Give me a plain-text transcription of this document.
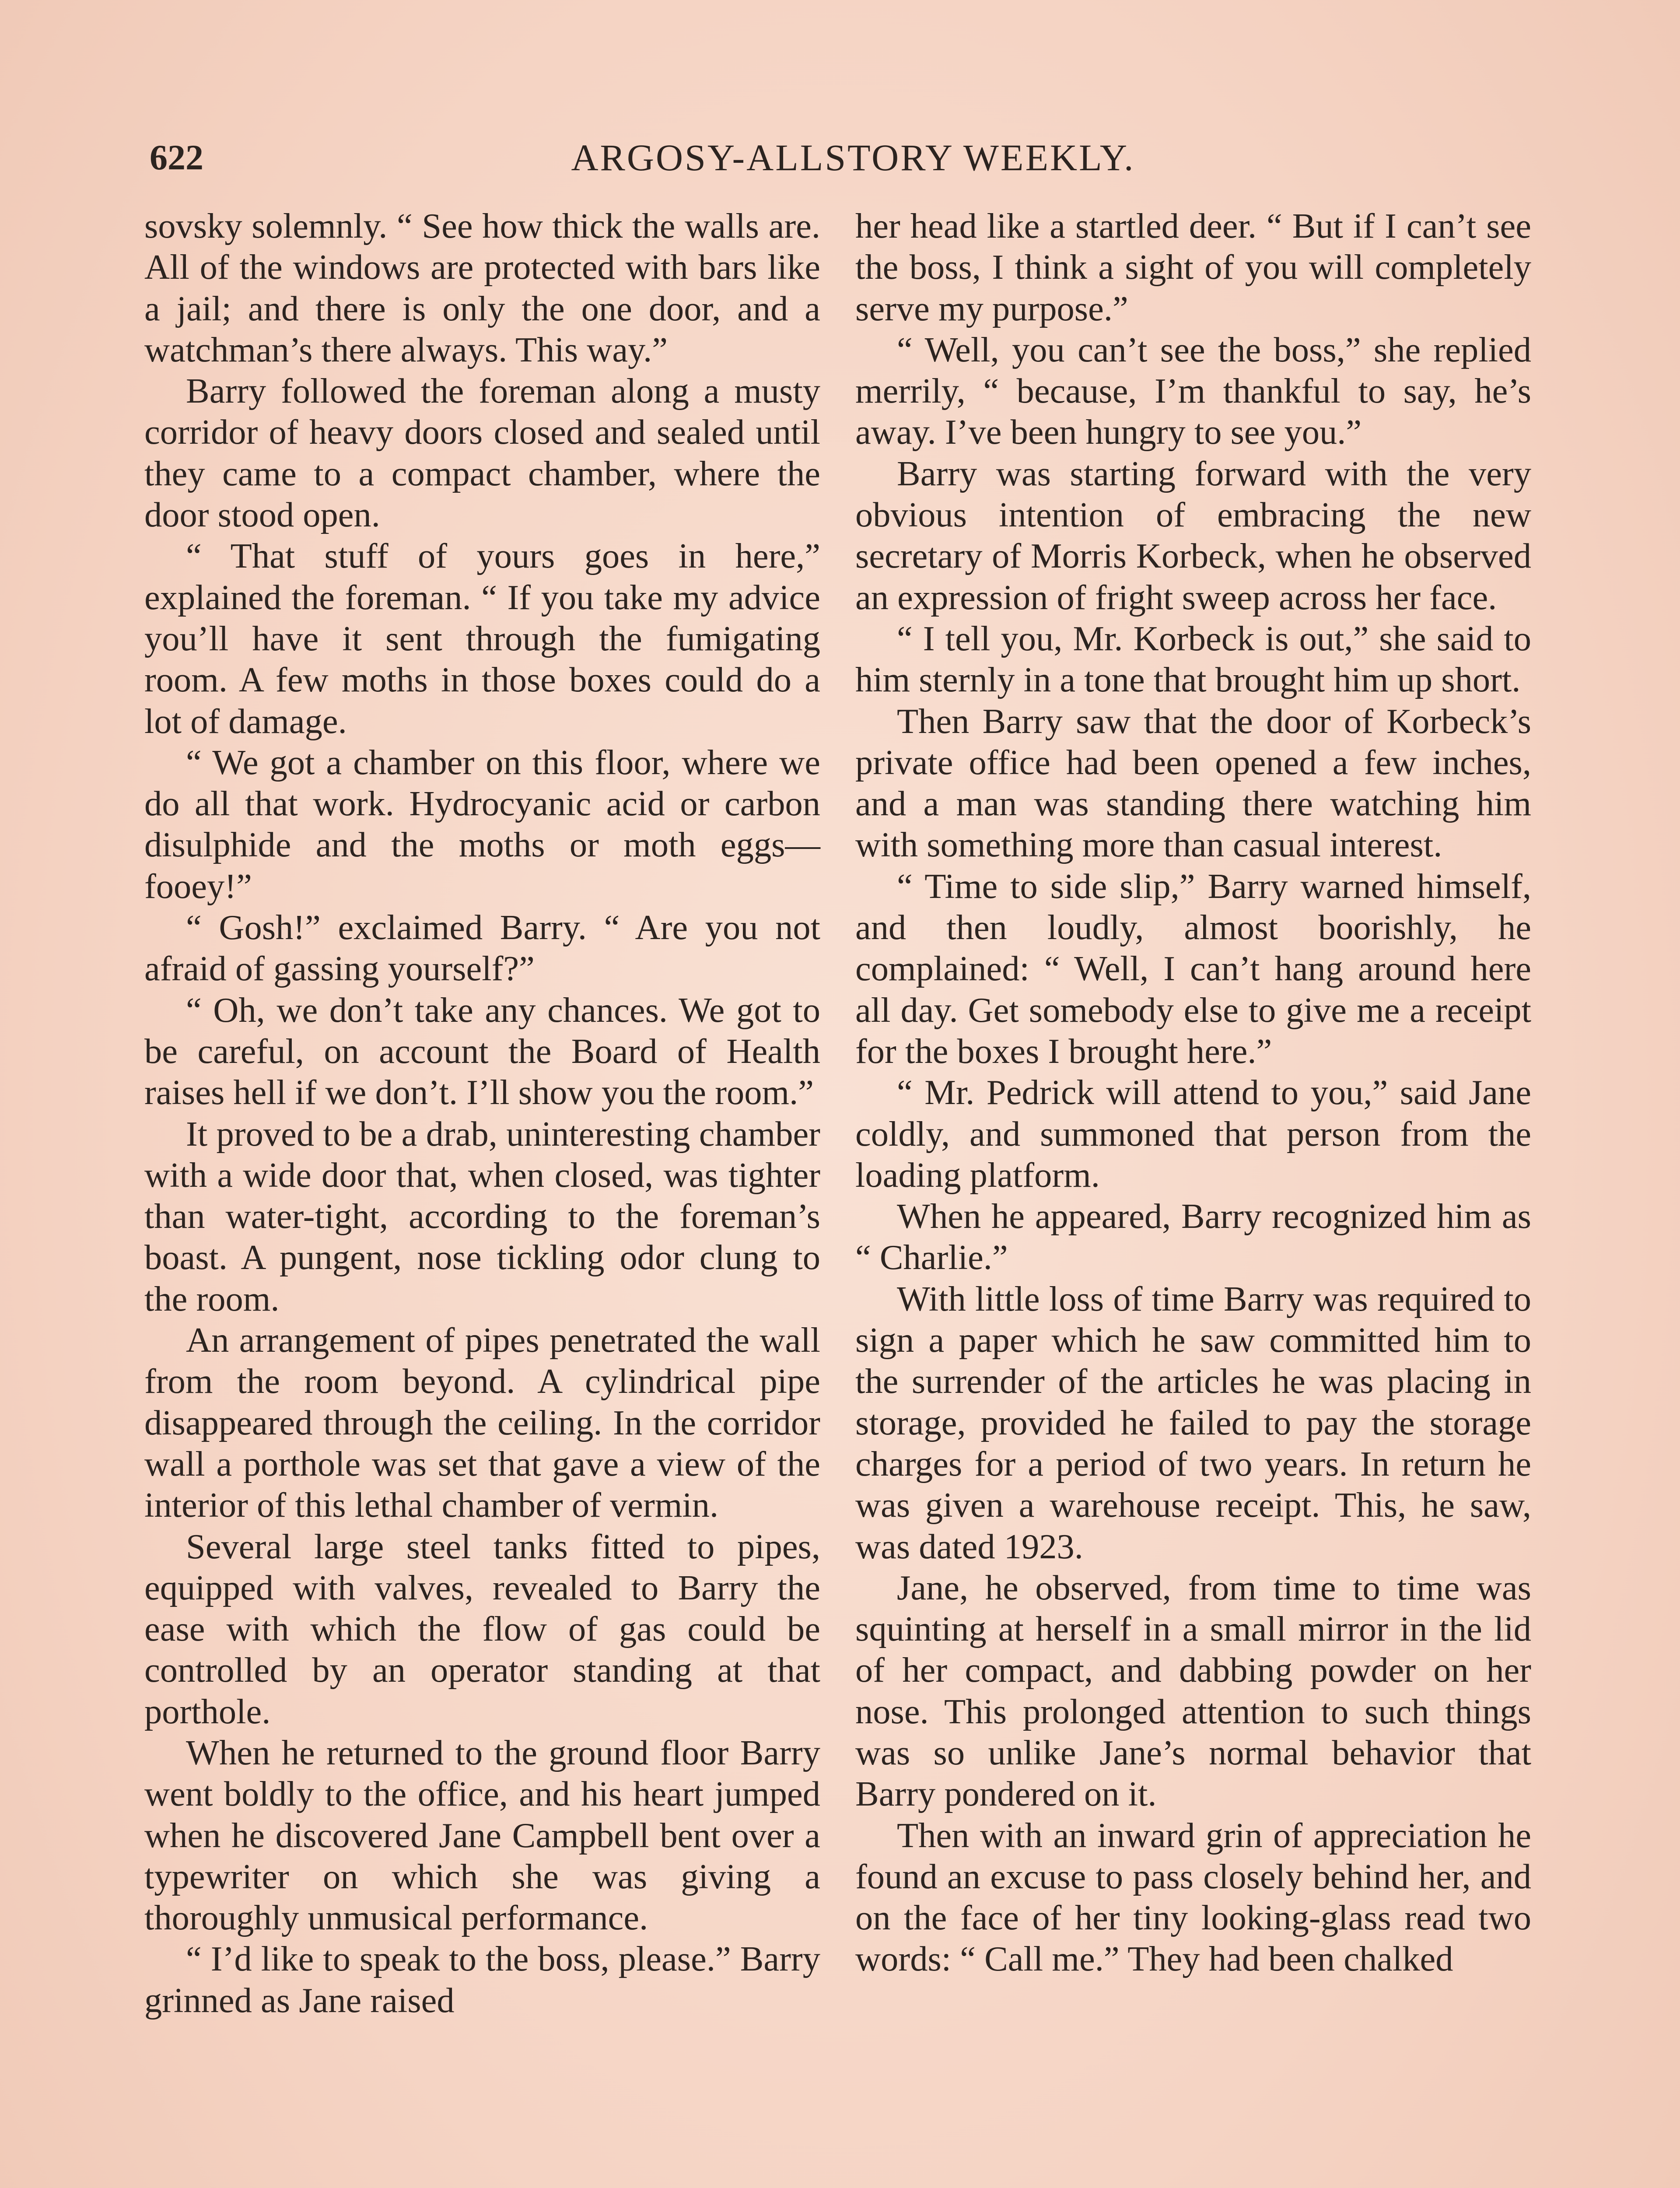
622	ARGOSY-ALLSTORY WEEKLY.

sovsky solemnly. “ See how thick the walls are. All of the windows are protected with bars like a jail; and there is only the one door, and a watchman’s there always. This way.”

Barry followed the foreman along a musty corridor of heavy doors closed and sealed until they came to a compact chamber, where the door stood open.

“ That stuff of yours goes in here,” explained the foreman. “ If you take my advice you’ll have it sent through the fumigating room. A few moths in those boxes could do a lot of damage.

“ We got a chamber on this floor, where we do all that work. Hydrocyanic acid or carbon disulphide and the moths or moth eggs—fooey!”

“ Gosh!” exclaimed Barry. “ Are you not afraid of gassing yourself?”

“ Oh, we don’t take any chances. We got to be careful, on account the Board of Health raises hell if we don’t. I’ll show you the room.”

It proved to be a drab, uninteresting chamber with a wide door that, when closed, was tighter than water-tight, according to the foreman’s boast. A pungent, nose tickling odor clung to the room.

An arrangement of pipes penetrated the wall from the room beyond. A cylindrical pipe disappeared through the ceiling. In the corridor wall a porthole was set that gave a view of the interior of this lethal chamber of vermin.

Several large steel tanks fitted to pipes, equipped with valves, revealed to Barry the ease with which the flow of gas could be controlled by an operator standing at that porthole.

When he returned to the ground floor Barry went boldly to the office, and his heart jumped when he discovered Jane Campbell bent over a typewriter on which she was giving a thoroughly unmusical performance.

“ I’d like to speak to the boss, please.” Barry grinned as Jane raised

her head like a startled deer. “ But if I can’t see the boss, I think a sight of you will completely serve my purpose.”

“ Well, you can’t see the boss,” she replied merrily, “ because, I’m thankful to say, he’s away. I’ve been hungry to see you.”

Barry was starting forward with the very obvious intention of embracing the new secretary of Morris Korbeck, when he observed an expression of fright sweep across her face.

“ I tell you, Mr. Korbeck is out,” she said to him sternly in a tone that brought him up short.

Then Barry saw that the door of Korbeck’s private office had been opened a few inches, and a man was standing there watching him with something more than casual interest.

“ Time to side slip,” Barry warned himself, and then loudly, almost boorishly, he complained: “ Well, I can’t hang around here all day. Get somebody else to give me a receipt for the boxes I brought here.”

“ Mr. Pedrick will attend to you,” said Jane coldly, and summoned that person from the loading platform.

When he appeared, Barry recognized him as “ Charlie.”

With little loss of time Barry was required to sign a paper which he saw committed him to the surrender of the articles he was placing in storage, provided he failed to pay the storage charges for a period of two years. In return he was given a warehouse receipt. This, he saw, was dated 1923.

Jane, he observed, from time to time was squinting at herself in a small mirror in the lid of her compact, and dabbing powder on her nose. This prolonged attention to such things was so unlike Jane’s normal behavior that Barry pondered on it.

Then with an inward grin of appreciation he found an excuse to pass closely behind her, and on the face of her tiny looking-glass read two words: “ Call me.” They had been chalked
